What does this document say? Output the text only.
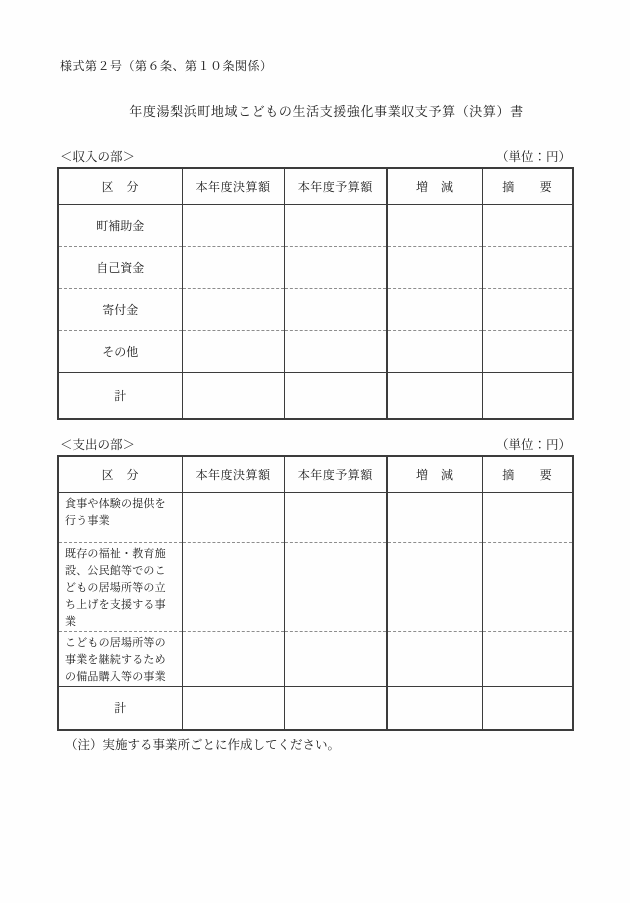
様式第２号（第６条、第１０条関係）
年度湯梨浜町地域こどもの生活支援強化事業収支予算（決算）書
＜収入の部＞	（単位：円）
区　分	本年度決算額	本年度予算額	増　減	摘　　要
町補助金				
自己資金				
寄付金				
その他				
計				
＜支出の部＞	（単位：円）
区　分	本年度決算額	本年度予算額	増　減	摘　　要
食事や体験の提供を行う事業				
既存の福祉・教育施設、公民館等でのこどもの居場所等の立ち上げを支援する事業				
こどもの居場所等の事業を継続するための備品購入等の事業				
計				
（注）実施する事業所ごとに作成してください。
